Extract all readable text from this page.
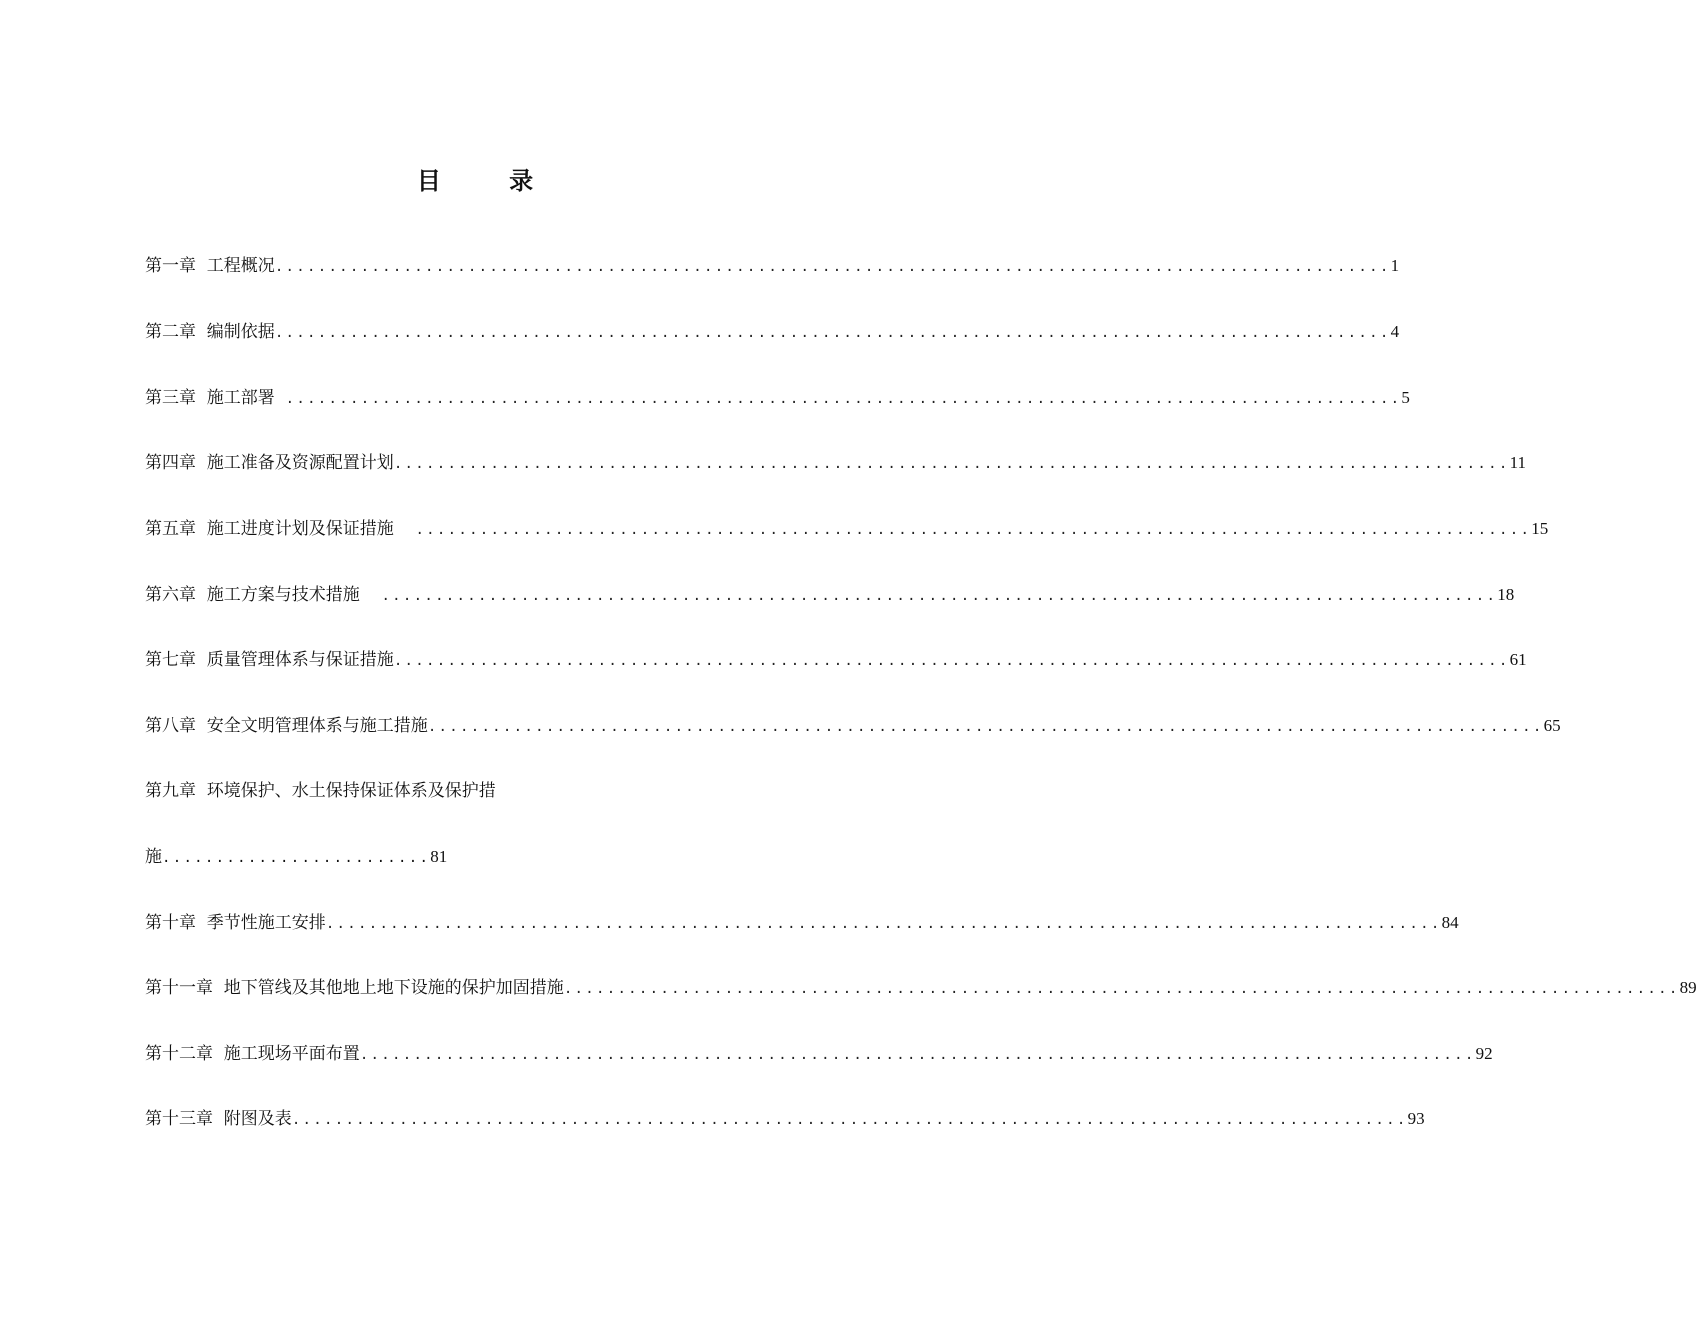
目 录

第一章  工程概况 ........................................................................................................ 1

第二章  编制依据 ........................................................................................................ 4

第三章  施工部署 ........................................................................................................ 5

第四章  施工准备及资源配置计划 ........................................................................................................ 11

第五章  施工进度计划及保证措施 ........................................................................................................ 15

第六章  施工方案与技术措施 ........................................................................................................ 18

第七章  质量管理体系与保证措施 ........................................................................................................ 61

第八章  安全文明管理体系与施工措施 ........................................................................................................ 65

第九章  环境保护、水土保持保证体系及保护措

施 ......................... 81

第十章  季节性施工安排 ........................................................................................................ 84

第十一章  地下管线及其他地上地下设施的保护加固措施 ........................................................................................................ 89

第十二章  施工现场平面布置 ........................................................................................................ 92

第十三章  附图及表 ........................................................................................................ 93
